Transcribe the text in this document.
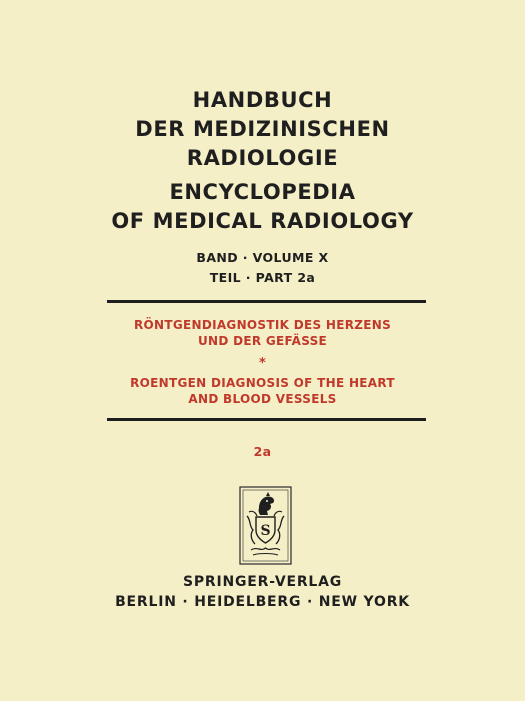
HANDBUCH
DER MEDIZINISCHEN
RADIOLOGIE
ENCYCLOPEDIA
OF MEDICAL RADIOLOGY
BAND · VOLUME X
TEIL · PART 2a
RÖNTGENDIAGNOSTIK DES HERZENS
UND DER GEFÄSSE
*
ROENTGEN DIAGNOSIS OF THE HEART
AND BLOOD VESSELS
2a
S
SPRINGER-VERLAG
BERLIN · HEIDELBERG · NEW YORK
